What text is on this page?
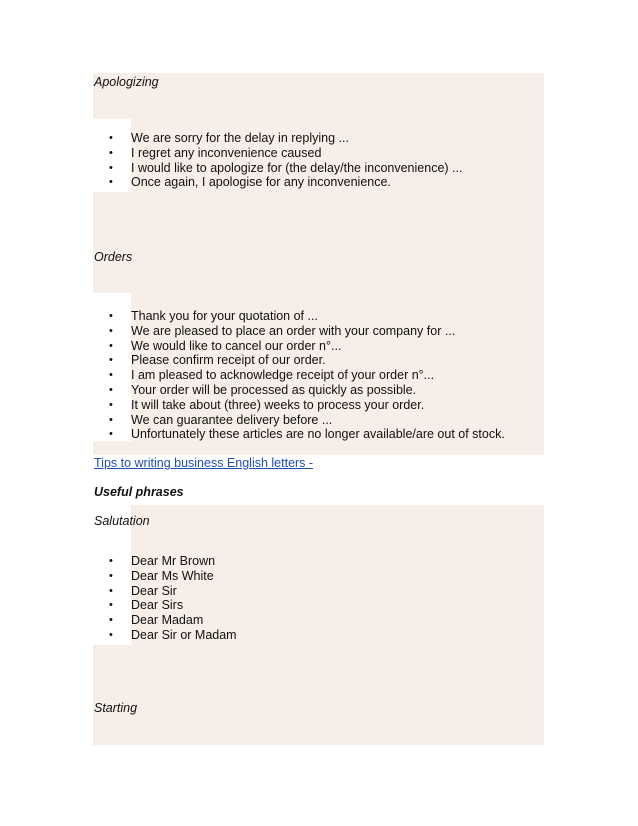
Apologizing
• We are sorry for the delay in replying ...
• I regret any inconvenience caused
• I would like to apologize for (the delay/the inconvenience) ...
• Once again, I apologise for any inconvenience.
Orders
• Thank you for your quotation of ...
• We are pleased to place an order with your company for ...
• We would like to cancel our order n°...
• Please confirm receipt of our order.
• I am pleased to acknowledge receipt of your order n°...
• Your order will be processed as quickly as possible.
• It will take about (three) weeks to process your order.
• We can guarantee delivery before ...
• Unfortunately these articles are no longer available/are out of stock.
Tips to writing business English letters -
Useful phrases
Salutation
• Dear Mr Brown
• Dear Ms White
• Dear Sir
• Dear Sirs
• Dear Madam
• Dear Sir or Madam
Starting
